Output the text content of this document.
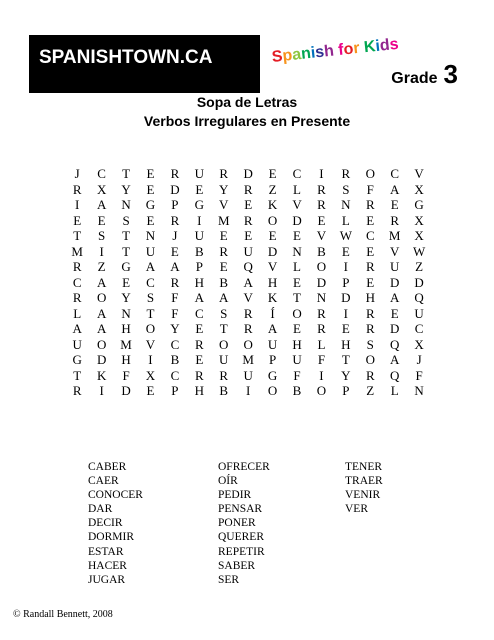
SPANISHTOWN.CA	Spanish for Kids
Grade 3
Sopa de Letras
Verbos Irregulares en Presente
J	C	T	E	R	U	R	D	E	C	I	R	O	C	V
R	X	Y	E	D	E	Y	R	Z	L	R	S	F	A	X
I	A	N	G	P	G	V	E	K	V	R	N	R	E	G
E	E	S	E	R	I	M	R	O	D	E	L	E	R	X
T	S	T	N	J	U	E	E	E	E	V	W	C	M	X
M	I	T	U	E	B	R	U	D	N	B	E	E	V	W
R	Z	G	A	A	P	E	Q	V	L	O	I	R	U	Z
C	A	E	C	R	H	B	A	H	E	D	P	E	D	D
R	O	Y	S	F	A	A	V	K	T	N	D	H	A	Q
L	A	N	T	F	C	S	R	Í	O	R	I	R	E	U
A	A	H	O	Y	E	T	R	A	E	R	E	R	D	C
U	O	M	V	C	R	O	O	U	H	L	H	S	Q	X
G	D	H	I	B	E	U	M	P	U	F	T	O	A	J
T	K	F	X	C	R	R	U	G	F	I	Y	R	Q	F
R	I	D	E	P	H	B	I	O	B	O	P	Z	L	N
CABER
CAER
CONOCER
DAR
DECIR
DORMIR
ESTAR
HACER
JUGAR
OFRECER
OÍR
PEDIR
PENSAR
PONER
QUERER
REPETIR
SABER
SER
TENER
TRAER
VENIR
VER
© Randall Bennett, 2008
